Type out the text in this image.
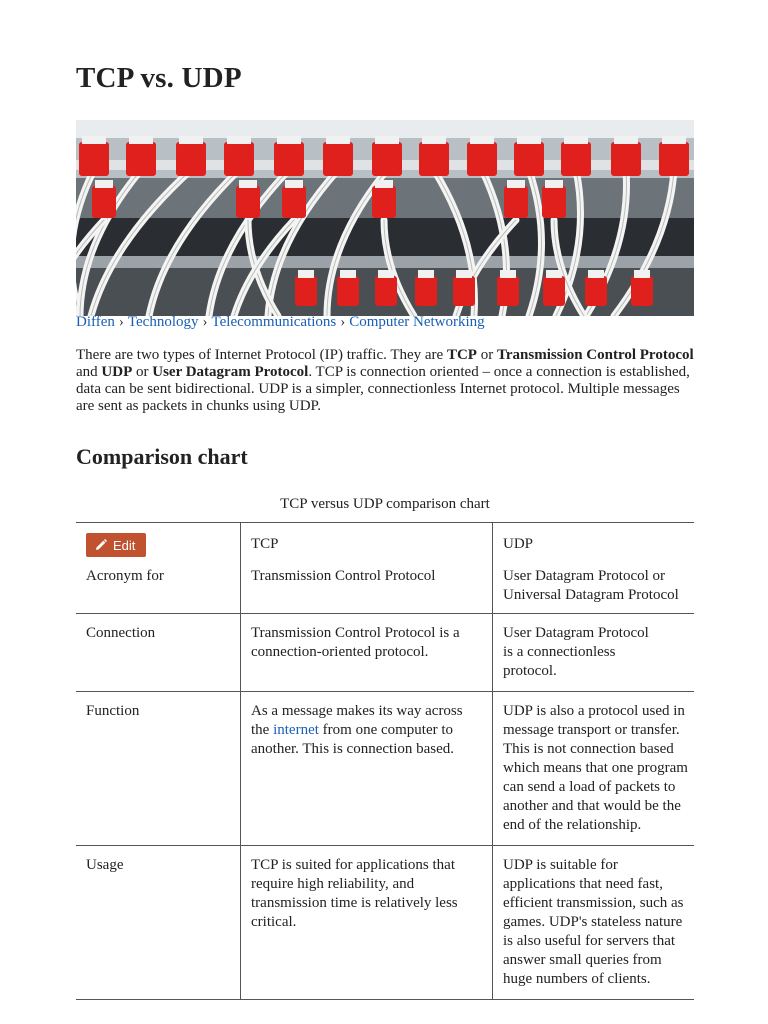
TCP vs. UDP
Diffen › Technology › Telecommunications › Computer Networking

There are two types of Internet Protocol (IP) traffic. They are TCP or Transmission Control Protocol and UDP or User Datagram Protocol. TCP is connection oriented – once a connection is established, data can be sent bidirectional. UDP is a simpler, connectionless Internet protocol. Multiple messages are sent as packets in chunks using UDP.

Comparison chart
TCP versus UDP comparison chart
Edit	TCP	UDP
Acronym for	Transmission Control Protocol	User Datagram Protocol or Universal Datagram Protocol
Connection	Transmission Control Protocol is a connection-oriented protocol.	User Datagram Protocol is a connectionless protocol.
Function	As a message makes its way across the internet from one computer to another. This is connection based.	UDP is also a protocol used in message transport or transfer. This is not connection based which means that one program can send a load of packets to another and that would be the end of the relationship.
Usage	TCP is suited for applications that require high reliability, and transmission time is relatively less critical.	UDP is suitable for applications that need fast, efficient transmission, such as games. UDP's stateless nature is also useful for servers that answer small queries from huge numbers of clients.
